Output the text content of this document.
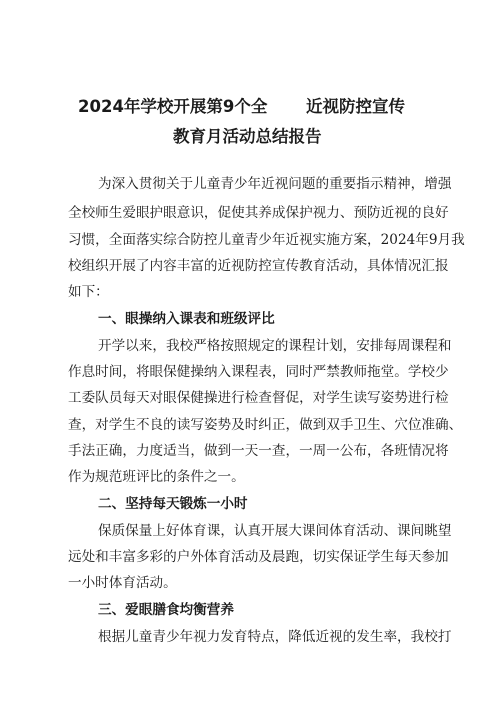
2024年学校开展第9个全 近视防控宣传
教育月活动总结报告
为深入贯彻关于儿童青少年近视问题的重要指示精神，增强
全校师生爱眼护眼意识，促使其养成保护视力、预防近视的良好
习惯，全面落实综合防控儿童青少年近视实施方案，2024年9月我
校组织开展了内容丰富的近视防控宣传教育活动，具体情况汇报
如下：
一、眼操纳入课表和班级评比
开学以来，我校严格按照规定的课程计划，安排每周课程和
作息时间，将眼保健操纳入课程表，同时严禁教师拖堂。学校少
工委队员每天对眼保健操进行检查督促，对学生读写姿势进行检
查，对学生不良的读写姿势及时纠正，做到双手卫生、穴位准确、
手法正确，力度适当，做到一天一查，一周一公布，各班情况将
作为规范班评比的条件之一。
二、坚持每天锻炼一小时
保质保量上好体育课，认真开展大课间体育活动、课间眺望
远处和丰富多彩的户外体育活动及晨跑，切实保证学生每天参加
一小时体育活动。
三、爱眼膳食均衡营养
根据儿童青少年视力发育特点，降低近视的发生率，我校打
